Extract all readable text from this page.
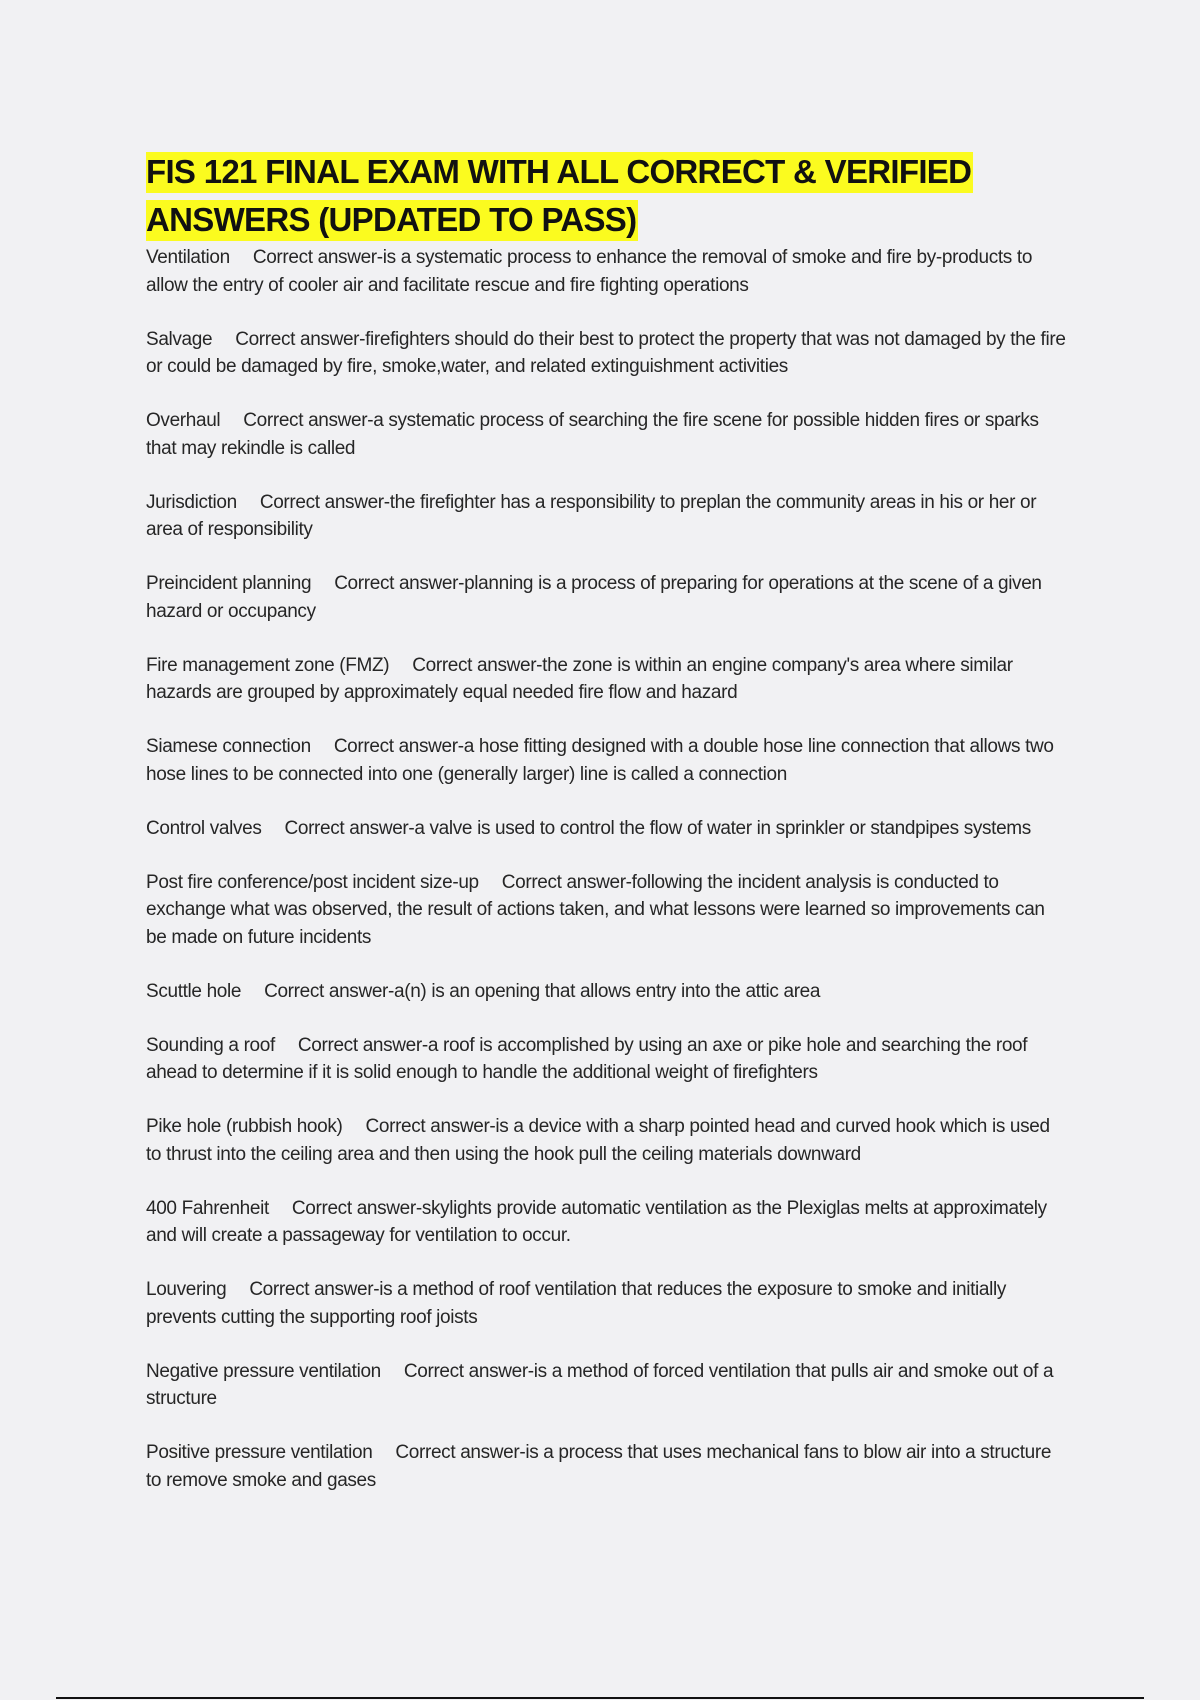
FIS 121 FINAL EXAM WITH ALL CORRECT & VERIFIED ANSWERS (UPDATED TO PASS)

Ventilation Correct answer-is a systematic process to enhance the removal of smoke and fire by-products to allow the entry of cooler air and facilitate rescue and fire fighting operations

Salvage Correct answer-firefighters should do their best to protect the property that was not damaged by the fire or could be damaged by fire, smoke,water, and related extinguishment activities

Overhaul Correct answer-a systematic process of searching the fire scene for possible hidden fires or sparks that may rekindle is called

Jurisdiction Correct answer-the firefighter has a responsibility to preplan the community areas in his or her or area of responsibility

Preincident planning Correct answer-planning is a process of preparing for operations at the scene of a given hazard or occupancy

Fire management zone (FMZ) Correct answer-the zone is within an engine company's area where similar hazards are grouped by approximately equal needed fire flow and hazard

Siamese connection Correct answer-a hose fitting designed with a double hose line connection that allows two hose lines to be connected into one (generally larger) line is called a connection

Control valves Correct answer-a valve is used to control the flow of water in sprinkler or standpipes systems

Post fire conference/post incident size-up Correct answer-following the incident analysis is conducted to exchange what was observed, the result of actions taken, and what lessons were learned so improvements can be made on future incidents

Scuttle hole Correct answer-a(n) is an opening that allows entry into the attic area

Sounding a roof Correct answer-a roof is accomplished by using an axe or pike hole and searching the roof ahead to determine if it is solid enough to handle the additional weight of firefighters

Pike hole (rubbish hook) Correct answer-is a device with a sharp pointed head and curved hook which is used to thrust into the ceiling area and then using the hook pull the ceiling materials downward

400 Fahrenheit Correct answer-skylights provide automatic ventilation as the Plexiglas melts at approximately and will create a passageway for ventilation to occur.

Louvering Correct answer-is a method of roof ventilation that reduces the exposure to smoke and initially prevents cutting the supporting roof joists

Negative pressure ventilation Correct answer-is a method of forced ventilation that pulls air and smoke out of a structure

Positive pressure ventilation Correct answer-is a process that uses mechanical fans to blow air into a structure to remove smoke and gases
